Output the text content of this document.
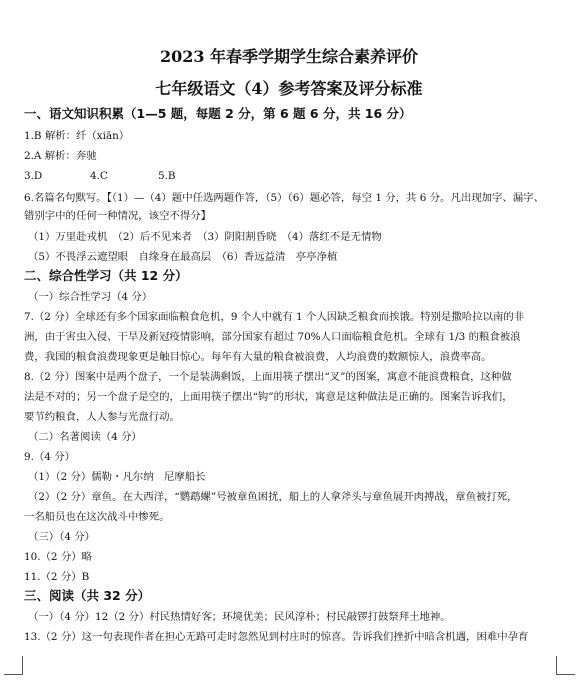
2023 年春季学期学生综合素养评价
七年级语文（4）参考答案及评分标准
一、语文知识积累（1—5 题，每题 2 分，第 6 题 6 分，共 16 分）
1.B 解析：纤（xiān）
2.A 解析：奔驰
3.D	4.C	5.B
6.名篇名句默写。【（1）—（4）题中任选两题作答，（5）（6）题必答，每空 1 分，共 6 分。凡出现加字、漏字、
错别字中的任何一种情况，该空不得分】
（1）万里赴戎机　（2）后不见来者　（3）阴阳割昏晓　（4）落红不是无情物
（5）不畏浮云遮望眼　自缘身在最高层　（6）香远益清　亭亭净植
二、综合性学习（共 12 分）
（一）综合性学习（4 分）
7.（2 分）全球还有多个国家面临粮食危机，9 个人中就有 1 个人因缺乏粮食而挨饿。特别是撒哈拉以南的非
洲，由于害虫入侵、干旱及新冠疫情影响，部分国家有超过 70%人口面临粮食危机。全球有 1/3 的粮食被浪
费，我国的粮食浪费现象更是触目惊心。每年有大量的粮食被浪费，人均浪费的数额惊人，浪费率高。
8.（2 分）图案中是两个盘子，一个是装满剩饭，上面用筷子摆出“叉”的图案，寓意不能浪费粮食，这种做
法是不对的；另一个盘子是空的，上面用筷子摆出“钩”的形状，寓意是这种做法是正确的。图案告诉我们，
要节约粮食，人人参与光盘行动。
（二）名著阅读（4 分）
9.（4 分）
（1）（2 分）儒勒・凡尔纳　尼摩船长
（2）（2 分）章鱼。在大西洋，“鹦鹉螺”号被章鱼困扰，船上的人拿斧头与章鱼展开肉搏战，章鱼被打死，
一名船员也在这次战斗中惨死。
（三）（4 分）
10.（2 分）略
11.（2 分）B
三、阅读（共 32 分）
（一）（4 分）12（2 分）村民热情好客；环境优美；民风淳朴；村民敲锣打鼓祭拜土地神。
13.（2 分）这一句表现作者在担心无路可走时忽然见到村庄时的惊喜。告诉我们挫折中暗含机遇，困难中孕育
